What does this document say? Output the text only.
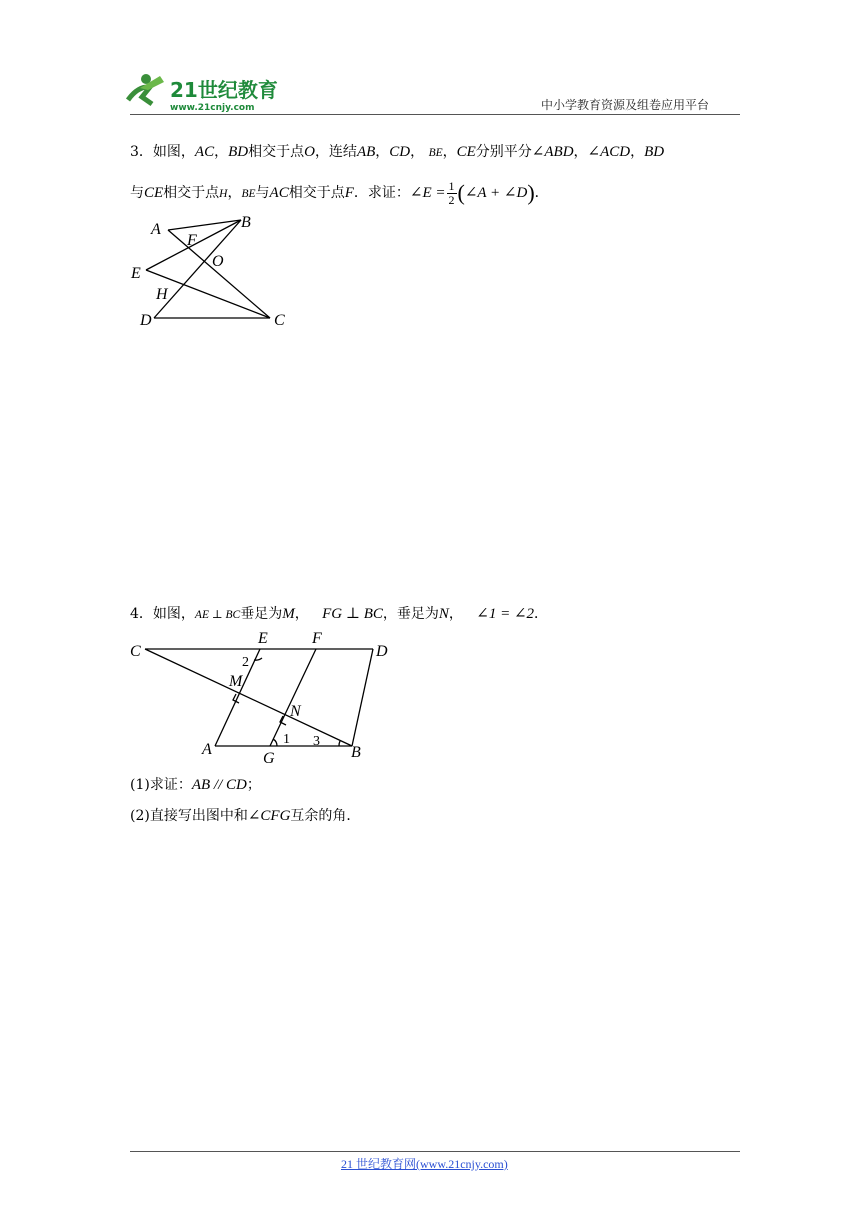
21世纪教育
www.21cnjy.com	中小学教育资源及组卷应用平台
3．如图，AC，BD相交于点O，连结AB，CD， BE，CE分别平分∠ABD，∠ACD，BD
与CE相交于点H，BE与AC相交于点F．求证：∠E = $\frac{1}{2}$ (∠A + ∠D)．
A	B
F
O
E
H
D	C
C
E	F
D
M
N
A
G	B
2
1 3
4．如图，AE ⊥ BC垂足为M， FG ⊥ BC，垂足为N， ∠1 = ∠2．
(1)求证：AB // CD；
(2)直接写出图中和∠CFG互余的角．
21 世纪教育网(www.21cnjy.com)
